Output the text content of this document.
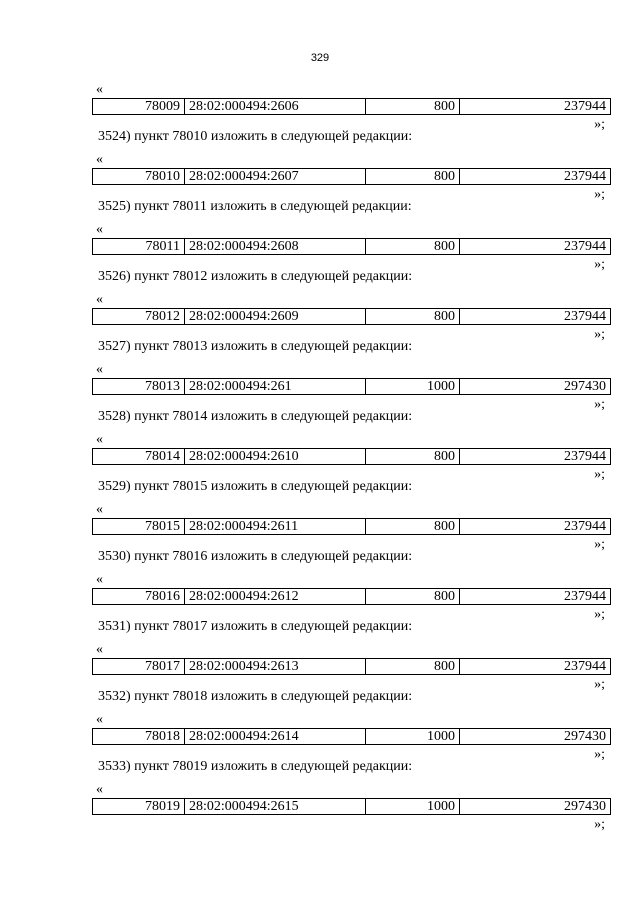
329
«
78009 28:02:000494:2606	800	237944
»;
3524) пункт 78010 изложить в следующей редакции:
«
78010 28:02:000494:2607	800	237944
»;
3525) пункт 78011 изложить в следующей редакции:
«
78011 28:02:000494:2608	800	237944
»;
3526) пункт 78012 изложить в следующей редакции:
«
78012 28:02:000494:2609	800	237944
»;
3527) пункт 78013 изложить в следующей редакции:
«
78013 28:02:000494:261	1000	297430
»;
3528) пункт 78014 изложить в следующей редакции:
«
78014 28:02:000494:2610	800	237944
»;
3529) пункт 78015 изложить в следующей редакции:
«
78015 28:02:000494:2611	800	237944
»;
3530) пункт 78016 изложить в следующей редакции:
«
78016 28:02:000494:2612	800	237944
»;
3531) пункт 78017 изложить в следующей редакции:
«
78017 28:02:000494:2613	800	237944
»;
3532) пункт 78018 изложить в следующей редакции:
«
78018 28:02:000494:2614	1000	297430
»;
3533) пункт 78019 изложить в следующей редакции:
«
78019 28:02:000494:2615	1000	297430
»;
